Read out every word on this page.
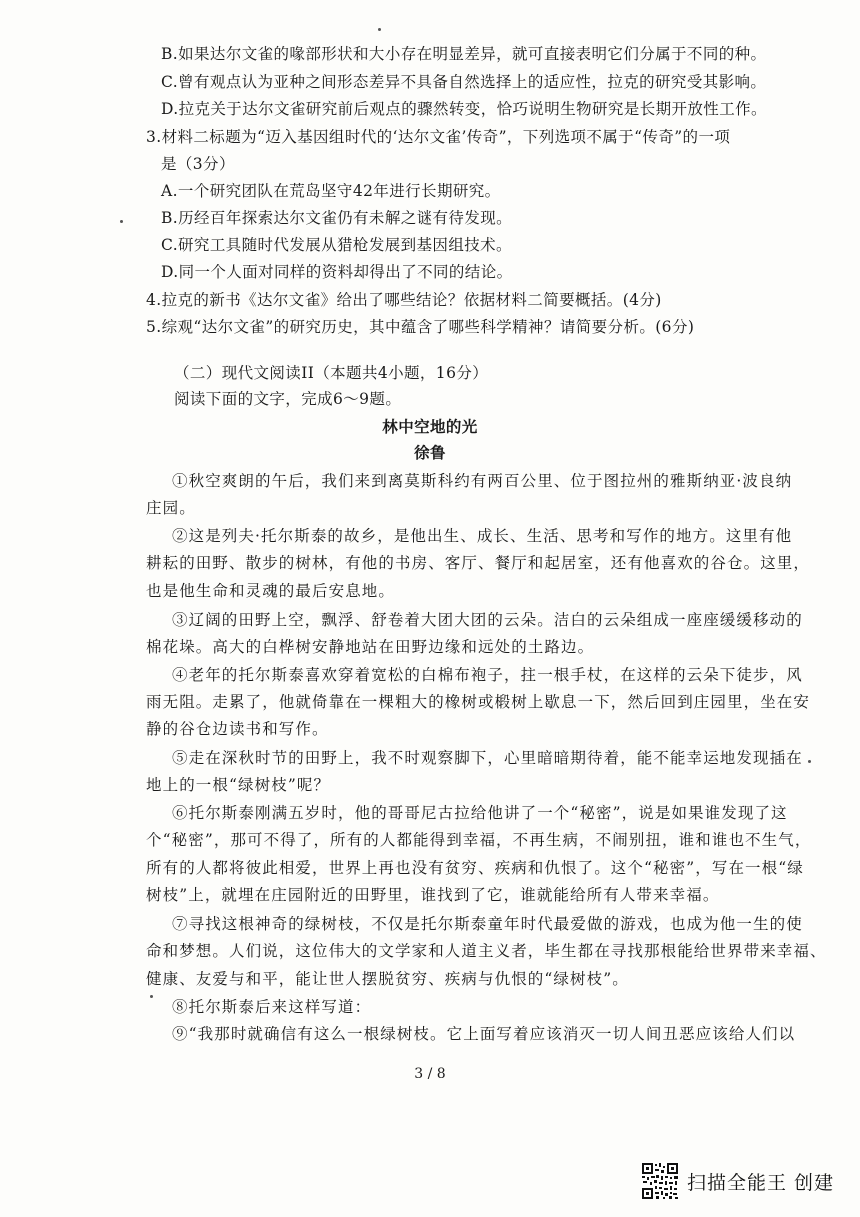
B.如果达尔文雀的喙部形状和大小存在明显差异，就可直接表明它们分属于不同的种。
C.曾有观点认为亚种之间形态差异不具备自然选择上的适应性，拉克的研究受其影响。
D.拉克关于达尔文雀研究前后观点的骤然转变，恰巧说明生物研究是长期开放性工作。
3.材料二标题为“迈入基因组时代的‘达尔文雀’传奇”，下列选项不属于“传奇”的一项
是（3分）
A.一个研究团队在荒岛坚守42年进行长期研究。
B.历经百年探索达尔文雀仍有未解之谜有待发现。
C.研究工具随时代发展从猎枪发展到基因组技术。
D.同一个人面对同样的资料却得出了不同的结论。
4.拉克的新书《达尔文雀》给出了哪些结论？依据材料二简要概括。(4分)
5.综观“达尔文雀”的研究历史，其中蕴含了哪些科学精神？请简要分析。(6分)
（二）现代文阅读II（本题共4小题，16分）
阅读下面的文字，完成6～9题。
林中空地的光
徐鲁
①秋空爽朗的午后，我们来到离莫斯科约有两百公里、位于图拉州的雅斯纳亚·波良纳
庄园。
②这是列夫·托尔斯泰的故乡，是他出生、成长、生活、思考和写作的地方。这里有他
耕耘的田野、散步的树林，有他的书房、客厅、餐厅和起居室，还有他喜欢的谷仓。这里，
也是他生命和灵魂的最后安息地。
③辽阔的田野上空，飘浮、舒卷着大团大团的云朵。洁白的云朵组成一座座缓缓移动的
棉花垛。高大的白桦树安静地站在田野边缘和远处的土路边。
④老年的托尔斯泰喜欢穿着宽松的白棉布袍子，拄一根手杖，在这样的云朵下徒步，风
雨无阻。走累了，他就倚靠在一棵粗大的橡树或椴树上歇息一下，然后回到庄园里，坐在安
静的谷仓边读书和写作。
⑤走在深秋时节的田野上，我不时观察脚下，心里暗暗期待着，能不能幸运地发现插在
地上的一根“绿树枝”呢？
⑥托尔斯泰刚满五岁时，他的哥哥尼古拉给他讲了一个“秘密”，说是如果谁发现了这
个“秘密”，那可不得了，所有的人都能得到幸福，不再生病，不闹别扭，谁和谁也不生气，
所有的人都将彼此相爱，世界上再也没有贫穷、疾病和仇恨了。这个“秘密”，写在一根“绿
树枝”上，就埋在庄园附近的田野里，谁找到了它，谁就能给所有人带来幸福。
⑦寻找这根神奇的绿树枝，不仅是托尔斯泰童年时代最爱做的游戏，也成为他一生的使
命和梦想。人们说，这位伟大的文学家和人道主义者，毕生都在寻找那根能给世界带来幸福、
健康、友爱与和平，能让世人摆脱贫穷、疾病与仇恨的“绿树枝”。
⑧托尔斯泰后来这样写道：
⑨“我那时就确信有这么一根绿树枝。它上面写着应该消灭一切人间丑恶应该给人们以
3 / 8
扫描全能王 创建
